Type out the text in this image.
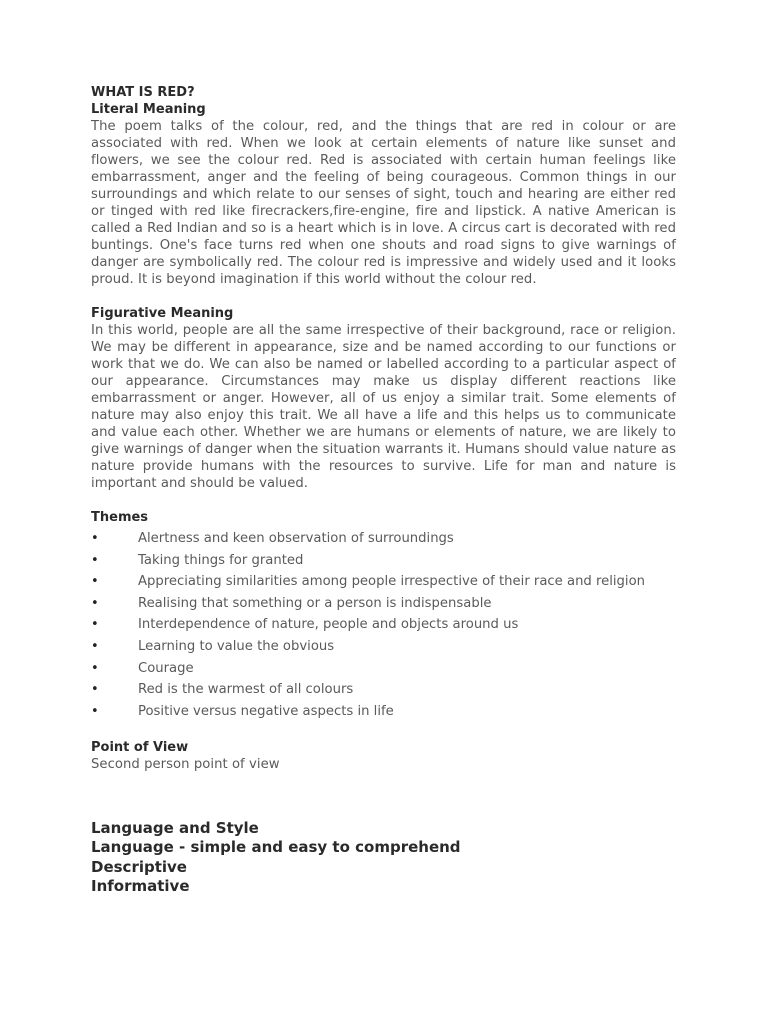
WHAT IS RED?

Literal Meaning

The poem talks of the colour, red, and the things that are red in colour or are associated with red. When we look at certain elements of nature like sunset and flowers, we see the colour red. Red is associated with certain human feelings like embarrassment, anger and the feeling of being courageous. Common things in our surroundings and which relate to our senses of sight, touch and hearing are either red or tinged with red like firecrackers,fire-engine, fire and lipstick. A native American is called a Red Indian and so is a heart which is in love. A circus cart is decorated with red buntings. One's face turns red when one shouts and road signs to give warnings of danger are symbolically red. The colour red is impressive and widely used and it looks proud. It is beyond imagination if this world without the colour red.

Figurative Meaning

In this world, people are all the same irrespective of their background, race or religion. We may be different in appearance, size and be named according to our functions or work that we do. We can also be named or labelled according to a particular aspect of our appearance. Circumstances may make us display different reactions like embarrassment or anger. However, all of us enjoy a similar trait. Some elements of nature may also enjoy this trait. We all have a life and this helps us to communicate and value each other. Whether we are humans or elements of nature, we are likely to give warnings of danger when the situation warrants it. Humans should value nature as nature provide humans with the resources to survive. Life for man and nature is important and should be valued.

Themes

•	Alertness and keen observation of surroundings
•	Taking things for granted
•	Appreciating similarities among people irrespective of their race and religion
•	Realising that something or a person is indispensable
•	Interdependence of nature, people and objects around us
•	Learning to value the obvious
•	Courage
•	Red is the warmest of all colours
•	Positive versus negative aspects in life

Point of View

Second person point of view

Language and Style

Language - simple and easy to comprehend

Descriptive

Informative
